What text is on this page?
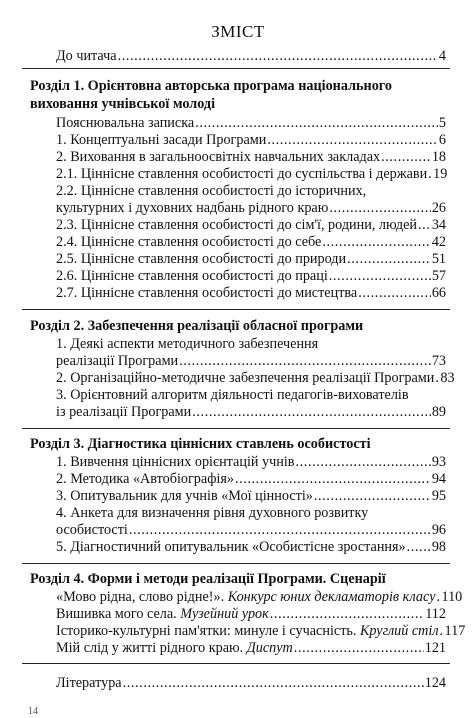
ЗМІСТ
До читача .....	4
Розділ 1. Орієнтовна авторська програма національного
виховання учнівської молоді
Пояснювальна записка .....	5
1. Концептуальні засади Програми .....	6
2. Виховання в загальноосвітніх навчальних закладах .....	18
2.1. Ціннісне ставлення особистості до суспільства і держави ..... 19
2.2. Ціннісне ставлення особистості до історичних,
культурних і духовних надбань рідного краю .....	26
2.3. Ціннісне ставлення особистості до сім'ї, родини, людей ..... 34
2.4. Ціннісне ставлення особистості до себе .....	42
2.5. Ціннісне ставлення особистості до природи .....	51
2.6. Ціннісне ставлення особистості до праці .....	57
2.7. Ціннісне ставлення особистості до мистецтва .....	66
Розділ 2. Забезпечення реалізації обласної програми
1. Деякі аспекти методичного забезпечення
реалізації Програми .....	73
2. Організаційно-методичне забезпечення реалізації Програми ..... 83
3. Орієнтовний алгоритм діяльності педагогів-вихователів
із реалізації Програми .....	89
Розділ 3. Діагностика ціннісних ставлень особистості
1. Вивчення ціннісних орієнтацій учнів .....	93
2. Методика «Автобіографія» .....	94
3. Опитувальник для учнів «Мої цінності» .....	95
4. Анкета для визначення рівня духовного розвитку
особистості .....	96
5. Діагностичний опитувальник «Особистісне зростання» ..... 98
Розділ 4. Форми і методи реалізації Програми. Сценарії
«Мово рідна, слово рідне!». Конкурс юних декламаторів класу ..... 110
Вишивка мого села. Музейний урок .....	112
Історико-культурні пам'ятки: минуле і сучасність. Круглий стіл ..... 117
Мій слід у житті рідного краю. Диспут .....	121
Література .....	124
14
